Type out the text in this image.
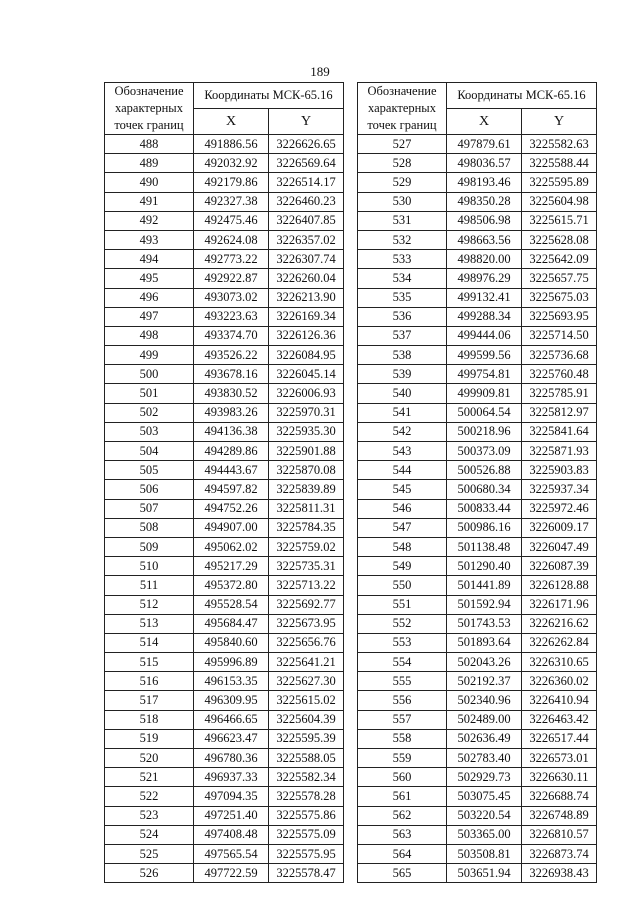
189
Обозначение
характерных
точек границ	Координаты МСК-65.16	
	X	Y
488	491886.56	3226626.65
489	492032.92	3226569.64
490	492179.86	3226514.17
491	492327.38	3226460.23
492	492475.46	3226407.85
493	492624.08	3226357.02
494	492773.22	3226307.74
495	492922.87	3226260.04
496	493073.02	3226213.90
497	493223.63	3226169.34
498	493374.70	3226126.36
499	493526.22	3226084.95
500	493678.16	3226045.14
501	493830.52	3226006.93
502	493983.26	3225970.31
503	494136.38	3225935.30
504	494289.86	3225901.88
505	494443.67	3225870.08
506	494597.82	3225839.89
507	494752.26	3225811.31
508	494907.00	3225784.35
509	495062.02	3225759.02
510	495217.29	3225735.31
511	495372.80	3225713.22
512	495528.54	3225692.77
513	495684.47	3225673.95
514	495840.60	3225656.76
515	495996.89	3225641.21
516	496153.35	3225627.30
517	496309.95	3225615.02
518	496466.65	3225604.39
519	496623.47	3225595.39
520	496780.36	3225588.05
521	496937.33	3225582.34
522	497094.35	3225578.28
523	497251.40	3225575.86
524	497408.48	3225575.09
525	497565.54	3225575.95
526	497722.59	3225578.47
Обозначение
характерных
точек границ	Координаты МСК-65.16	
	X	Y
527	497879.61	3225582.63
528	498036.57	3225588.44
529	498193.46	3225595.89
530	498350.28	3225604.98
531	498506.98	3225615.71
532	498663.56	3225628.08
533	498820.00	3225642.09
534	498976.29	3225657.75
535	499132.41	3225675.03
536	499288.34	3225693.95
537	499444.06	3225714.50
538	499599.56	3225736.68
539	499754.81	3225760.48
540	499909.81	3225785.91
541	500064.54	3225812.97
542	500218.96	3225841.64
543	500373.09	3225871.93
544	500526.88	3225903.83
545	500680.34	3225937.34
546	500833.44	3225972.46
547	500986.16	3226009.17
548	501138.48	3226047.49
549	501290.40	3226087.39
550	501441.89	3226128.88
551	501592.94	3226171.96
552	501743.53	3226216.62
553	501893.64	3226262.84
554	502043.26	3226310.65
555	502192.37	3226360.02
556	502340.96	3226410.94
557	502489.00	3226463.42
558	502636.49	3226517.44
559	502783.40	3226573.01
560	502929.73	3226630.11
561	503075.45	3226688.74
562	503220.54	3226748.89
563	503365.00	3226810.57
564	503508.81	3226873.74
565	503651.94	3226938.43
